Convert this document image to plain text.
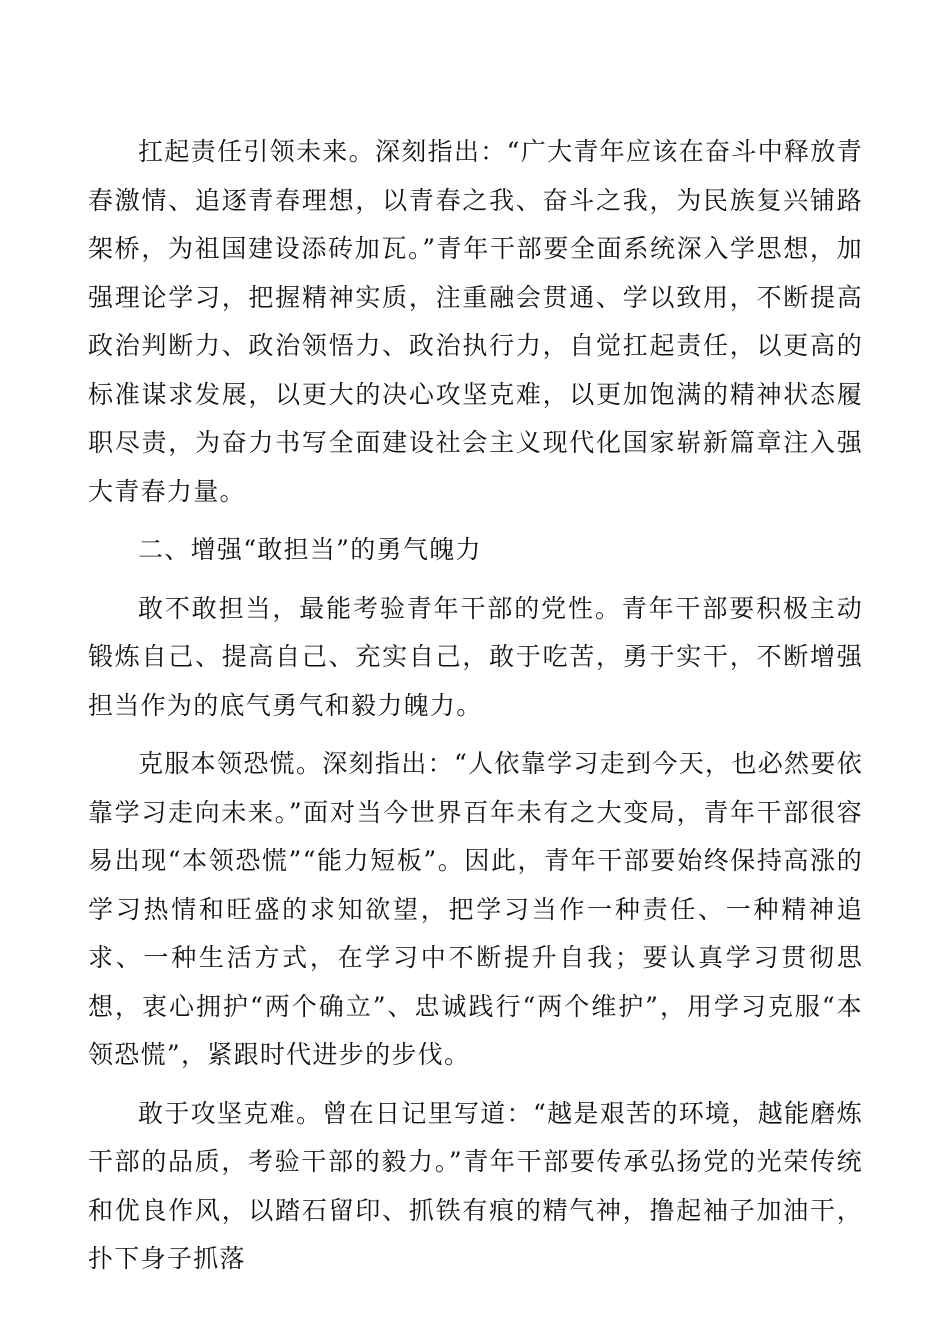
扛起责任引领未来。深刻指出：“广大青年应该在奋斗中释放青春激情、追逐青春理想，以青春之我、奋斗之我，为民族复兴铺路架桥，为祖国建设添砖加瓦。”青年干部要全面系统深入学思想，加强理论学习，把握精神实质，注重融会贯通、学以致用，不断提高政治判断力、政治领悟力、政治执行力，自觉扛起责任，以更高的标准谋求发展，以更大的决心攻坚克难，以更加饱满的精神状态履职尽责，为奋力书写全面建设社会主义现代化国家崭新篇章注入强大青春力量。

二、增强“敢担当”的勇气魄力

敢不敢担当，最能考验青年干部的党性。青年干部要积极主动锻炼自己、提高自己、充实自己，敢于吃苦，勇于实干，不断增强担当作为的底气勇气和毅力魄力。

克服本领恐慌。深刻指出：“人依靠学习走到今天，也必然要依靠学习走向未来。”面对当今世界百年未有之大变局，青年干部很容易出现“本领恐慌”“能力短板”。因此，青年干部要始终保持高涨的学习热情和旺盛的求知欲望，把学习当作一种责任、一种精神追求、一种生活方式，在学习中不断提升自我；要认真学习贯彻思想，衷心拥护“两个确立”、忠诚践行“两个维护”，用学习克服“本领恐慌”，紧跟时代进步的步伐。

敢于攻坚克难。曾在日记里写道：“越是艰苦的环境，越能磨炼干部的品质，考验干部的毅力。”青年干部要传承弘扬党的光荣传统和优良作风，以踏石留印、抓铁有痕的精气神，撸起袖子加油干，扑下身子抓落
